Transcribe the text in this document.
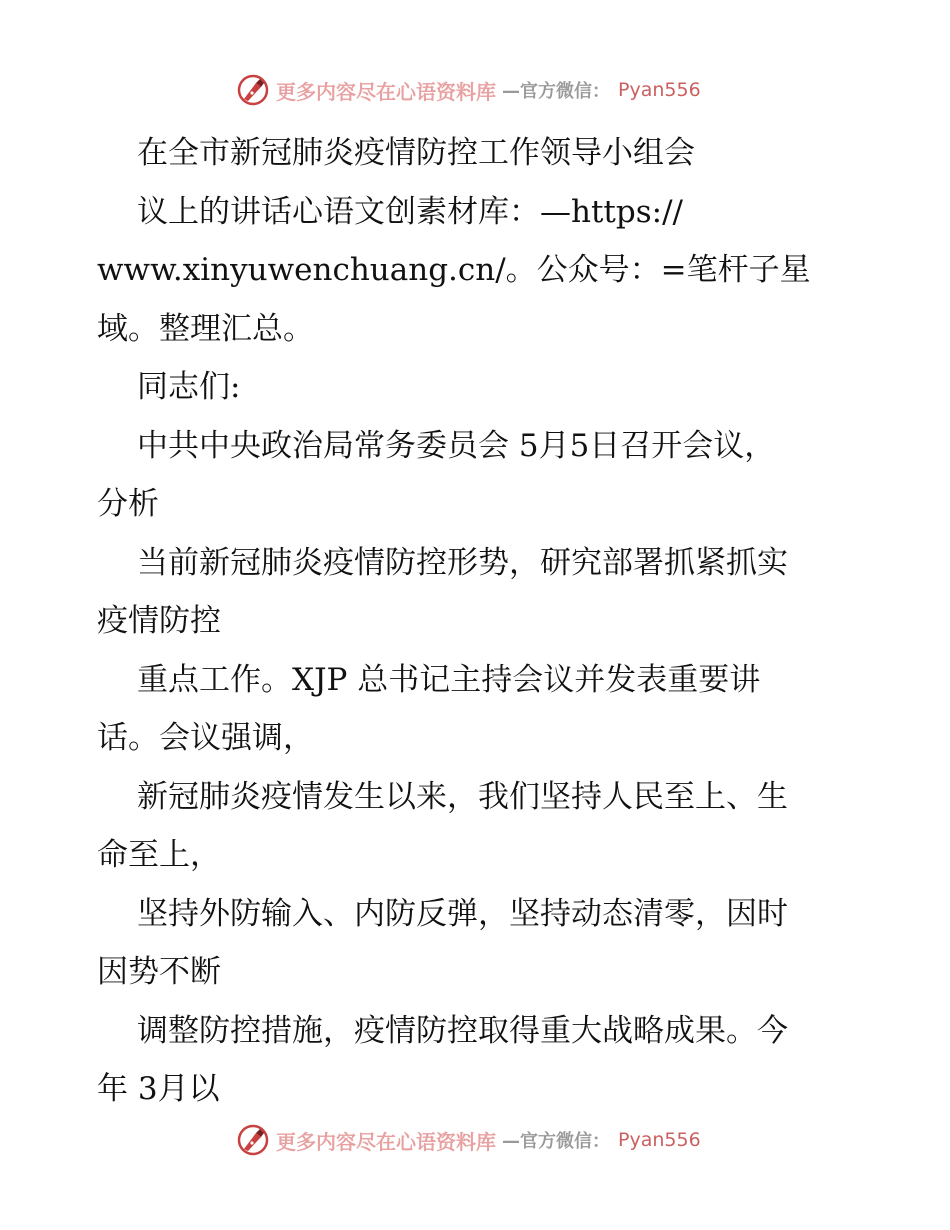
更多内容尽在心语资料库 —官方微信： Pyan556
在全市新冠肺炎疫情防控工作领导小组会
议上的讲话心语文创素材库：—https://
www.xinyuwenchuang.cn/。公众号：=笔杆子星
域。整理汇总。
同志们:
中共中央政治局常务委员会 5月5日召开会议，
分析
当前新冠肺炎疫情防控形势，研究部署抓紧抓实
疫情防控
重点工作。XJP 总书记主持会议并发表重要讲
话。会议强调，
新冠肺炎疫情发生以来，我们坚持人民至上、生
命至上，
坚持外防输入、内防反弹，坚持动态清零，因时
因势不断
调整防控措施，疫情防控取得重大战略成果。今
年 3月以
更多内容尽在心语资料库 —官方微信： Pyan556
